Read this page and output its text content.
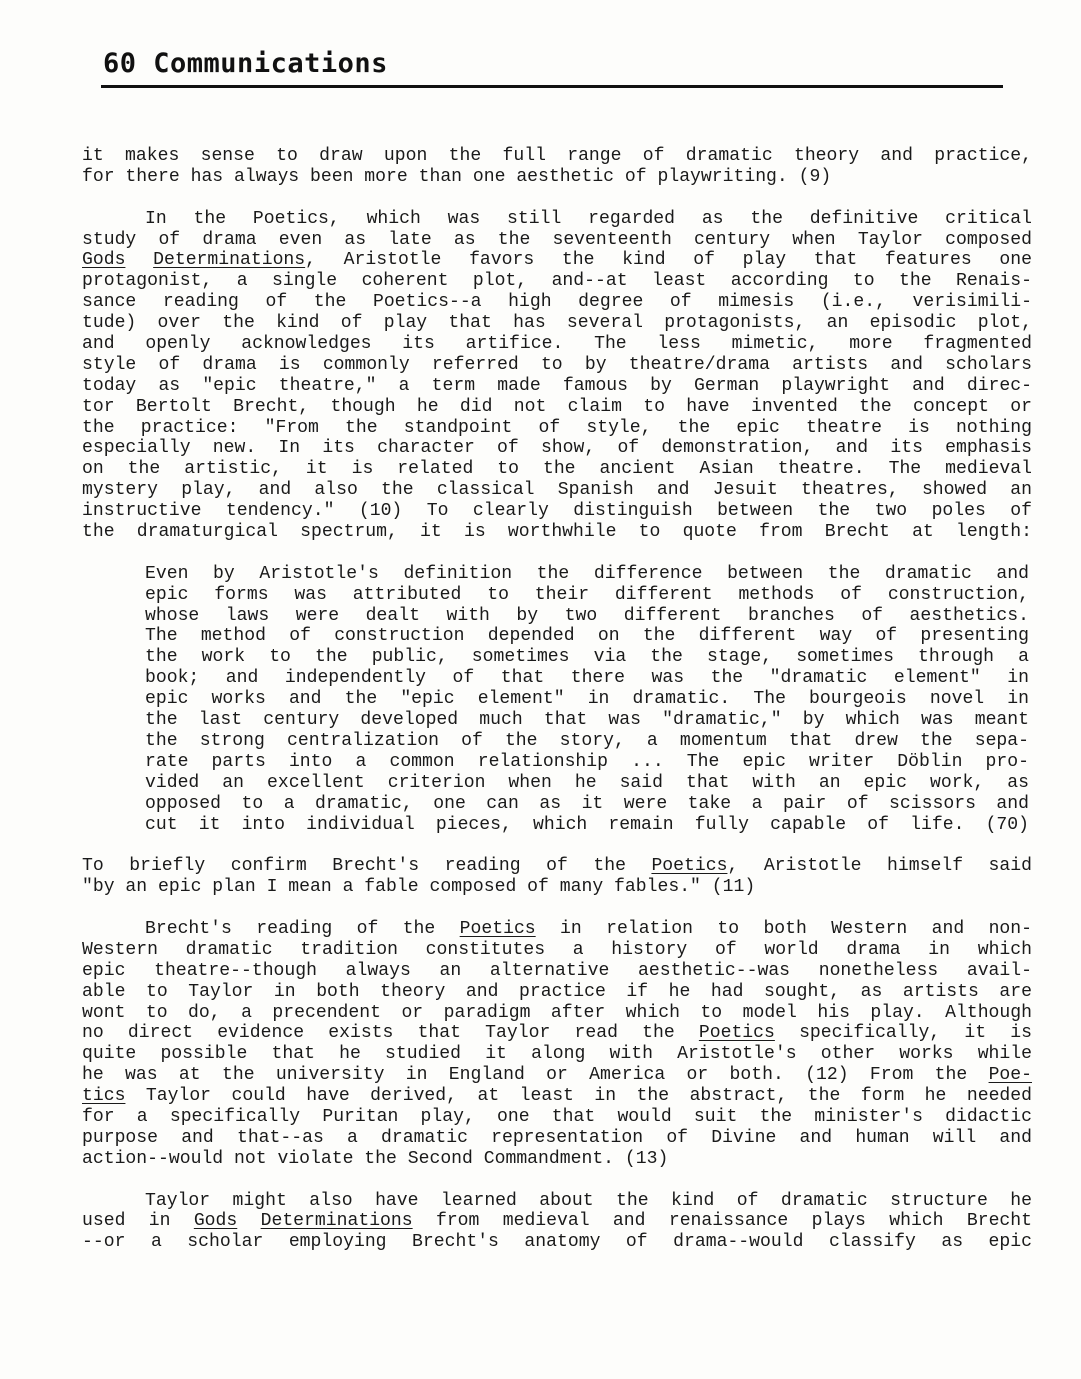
60 Communications
it makes sense to draw upon the full range of dramatic theory and practice,
for there has always been more than one aesthetic of playwriting. (9)
In the Poetics, which was still regarded as the definitive critical
study of drama even as late as the seventeenth century when Taylor composed
Gods Determinations, Aristotle favors the kind of play that features one
protagonist, a single coherent plot, and--at least according to the Renais-
sance reading of the Poetics--a high degree of mimesis (i.e., verisimili-
tude) over the kind of play that has several protagonists, an episodic plot,
and openly acknowledges its artifice. The less mimetic, more fragmented
style of drama is commonly referred to by theatre/drama artists and scholars
today as "epic theatre," a term made famous by German playwright and direc-
tor Bertolt Brecht, though he did not claim to have invented the concept or
the practice: "From the standpoint of style, the epic theatre is nothing
especially new. In its character of show, of demonstration, and its emphasis
on the artistic, it is related to the ancient Asian theatre. The medieval
mystery play, and also the classical Spanish and Jesuit theatres, showed an
instructive tendency." (10) To clearly distinguish between the two poles of
the dramaturgical spectrum, it is worthwhile to quote from Brecht at length:
Even by Aristotle's definition the difference between the dramatic and
epic forms was attributed to their different methods of construction,
whose laws were dealt with by two different branches of aesthetics.
The method of construction depended on the different way of presenting
the work to the public, sometimes via the stage, sometimes through a
book; and independently of that there was the "dramatic element" in
epic works and the "epic element" in dramatic. The bourgeois novel in
the last century developed much that was "dramatic," by which was meant
the strong centralization of the story, a momentum that drew the sepa-
rate parts into a common relationship ... The epic writer Döblin pro-
vided an excellent criterion when he said that with an epic work, as
opposed to a dramatic, one can as it were take a pair of scissors and
cut it into individual pieces, which remain fully capable of life. (70)
To briefly confirm Brecht's reading of the Poetics, Aristotle himself said
"by an epic plan I mean a fable composed of many fables." (11)
Brecht's reading of the Poetics in relation to both Western and non-
Western dramatic tradition constitutes a history of world drama in which
epic theatre--though always an alternative aesthetic--was nonetheless avail-
able to Taylor in both theory and practice if he had sought, as artists are
wont to do, a precendent or paradigm after which to model his play. Although
no direct evidence exists that Taylor read the Poetics specifically, it is
quite possible that he studied it along with Aristotle's other works while
he was at the university in England or America or both. (12) From the Poe-
tics Taylor could have derived, at least in the abstract, the form he needed
for a specifically Puritan play, one that would suit the minister's didactic
purpose and that--as a dramatic representation of Divine and human will and
action--would not violate the Second Commandment. (13)
Taylor might also have learned about the kind of dramatic structure he
used in Gods Determinations from medieval and renaissance plays which Brecht
--or a scholar employing Brecht's anatomy of drama--would classify as epic
